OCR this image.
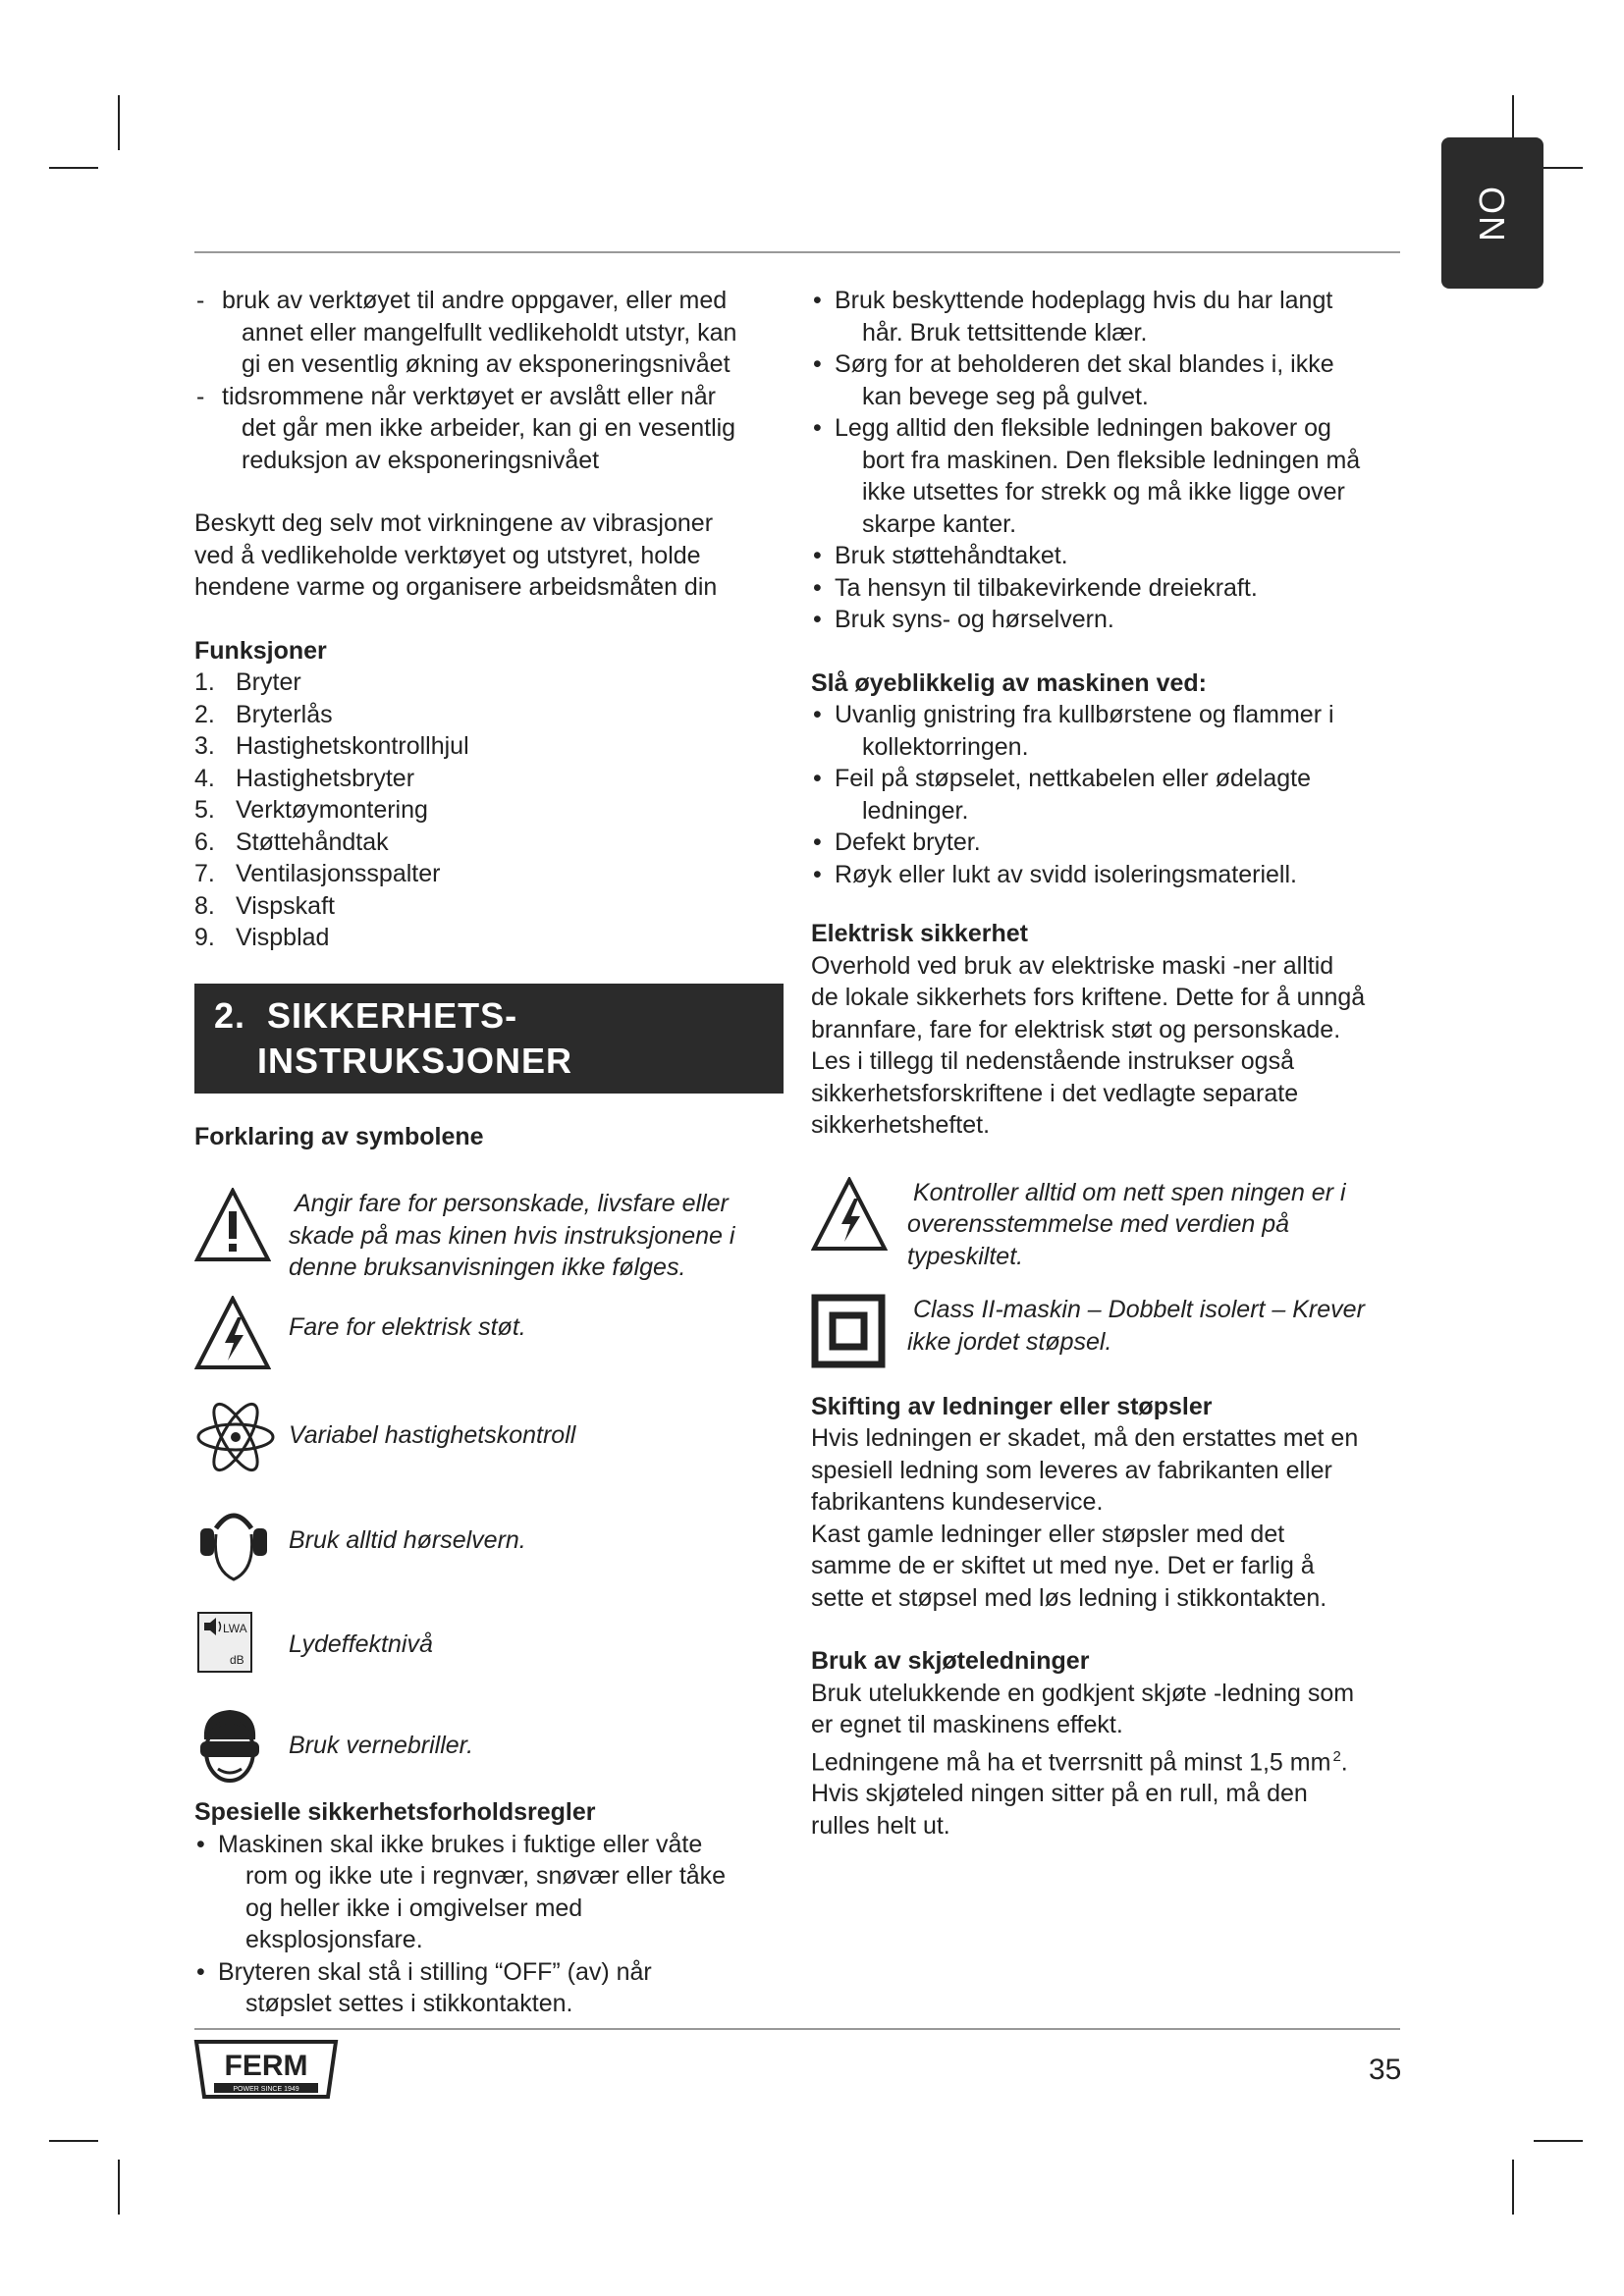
NO
- bruk av verktøyet til andre oppgaver, eller med

annet eller mangelfullt vedlikeholdt utstyr, kan

gi en vesentlig økning av eksponeringsnivået

- tidsrommene når verktøyet er avslått eller når

det går men ikke arbeider, kan gi en vesentlig

reduksjon av eksponeringsnivået

Beskytt deg selv mot virkningene av vibrasjoner

ved å vedlikeholde verktøyet og utstyret, holde

hendene varme og organisere arbeidsmåten din

Funksjoner

1. Bryter
2. Bryterlås
3. Hastighetskontrollhjul
4. Hastighetsbryter
5. Verktøymontering
6. Støttehåndtak
7. Ventilasjonsspalter
8. Vispskaft
9. Vispblad
2. SIKKERHETS-
INSTRUKSJONER

Forklaring av symbolene

Angir fare for personskade, livsfare eller

skade på mas kinen hvis instruksjonene i

denne bruksanvisningen ikke følges.

Fare for elektrisk støt.

Variabel hastighetskontroll

Bruk alltid hørselvern.

LWA
dB

Lydeffektnivå

Bruk vernebriller.

Spesielle sikkerhetsforholdsregler

• Maskinen skal ikke brukes i fuktige eller våte

rom og ikke ute i regnvær, snøvær eller tåke

og heller ikke i omgivelser med

eksplosjonsfare.

• Bryteren skal stå i stilling “OFF” (av) når

støpslet settes i stikkontakten.

• Bruk beskyttende hodeplagg hvis du har langt

hår. Bruk tettsittende klær.

• Sørg for at beholderen det skal blandes i, ikke

kan bevege seg på gulvet.

• Legg alltid den fleksible ledningen bakover og

bort fra maskinen. Den fleksible ledningen må

ikke utsettes for strekk og må ikke ligge over

skarpe kanter.

• Bruk støttehåndtaket.

• Ta hensyn til tilbakevirkende dreiekraft.

• Bruk syns- og hørselvern.

Slå øyeblikkelig av maskinen ved:

• Uvanlig gnistring fra kullbørstene og flammer i

kollektorringen.

• Feil på støpselet, nettkabelen eller ødelagte

ledninger.

• Defekt bryter.

• Røyk eller lukt av svidd isoleringsmateriell.

Elektrisk sikkerhet

Overhold ved bruk av elektriske maski -ner alltid

de lokale sikkerhets fors kriftene. Dette for å unngå

brannfare, fare for elektrisk støt og personskade.

Les i tillegg til nedenstående instrukser også

sikkerhetsforskriftene i det vedlagte separate

sikkerhetsheftet.

Kontroller alltid om nett spen ningen er i

overensstemmelse med verdien på

typeskiltet.

Class II-maskin – Dobbelt isolert – Krever

ikke jordet støpsel.

Skifting av ledninger eller støpsler

Hvis ledningen er skadet, må den erstattes met en

spesiell ledning som leveres av fabrikanten eller

fabrikantens kundeservice.

Kast gamle ledninger eller støpsler med det

samme de er skiftet ut med nye. Det er farlig å

sette et støpsel med løs ledning i stikkontakten.

Bruk av skjøteledninger

Bruk utelukkende en godkjent skjøte -ledning som

er egnet til maskinens effekt.

Ledningene må ha et tverrsnitt på minst 1,5 mm $^2$.

Hvis skjøteled ningen sitter på en rull, må den

rulles helt ut.

FERM
POWER SINCE 1949
35
